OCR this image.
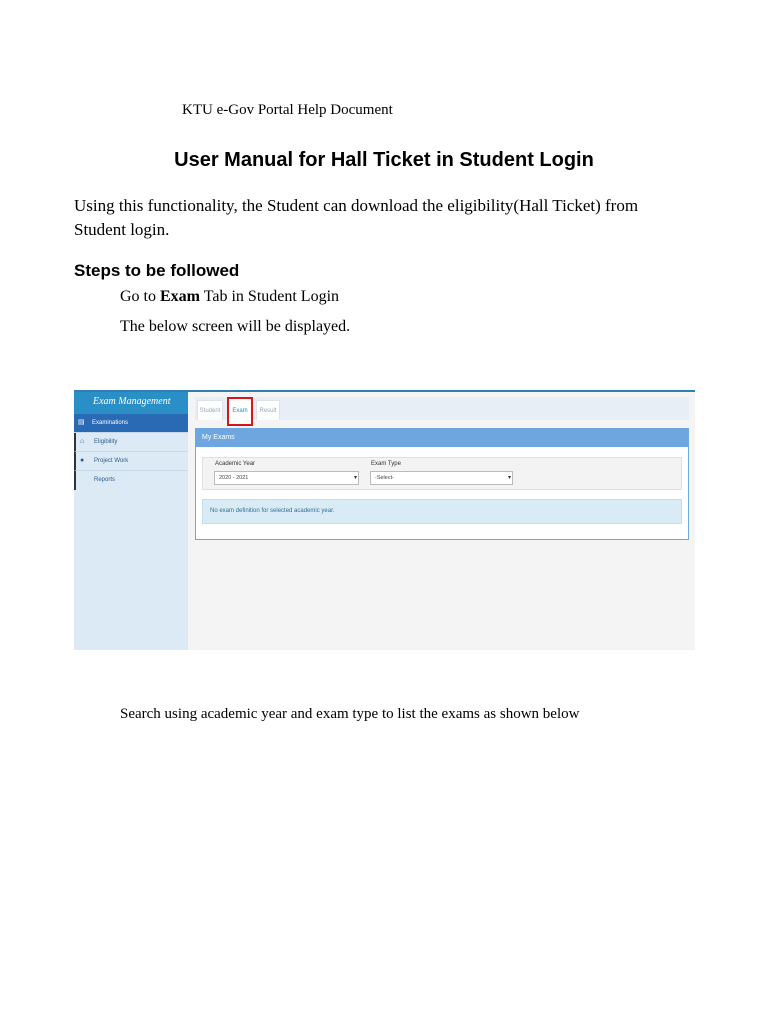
KTU e-Gov Portal Help Document
User Manual for Hall Ticket in Student Login

Using this functionality, the Student can download the eligibility(Hall Ticket) from Student login.

Steps to be followed

Go to Exam Tab in Student Login

The below screen will be displayed.

Exam Management
▤ Examinations
⌂ Eligibility
● Project Work
Reports
Student	Exam	Result
My Exams
Academic Year	Exam Type
2020 - 2021	▾	-Select-	▾
No exam definition for selected academic year.

Search using academic year and exam type to list the exams as shown below
